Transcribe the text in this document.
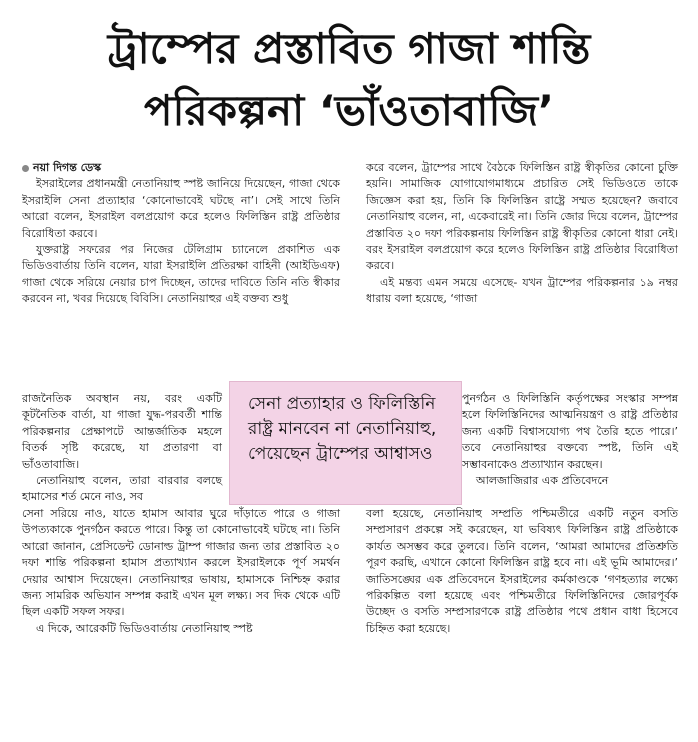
ট্রাম্পের প্রস্তাবিত গাজা শান্তি
পরিকল্পনা ‘ভাঁওতাবাজি’

নয়া দিগন্ত ডেস্ক

ইসরাইলের প্রধানমন্ত্রী নেতানিয়াহু স্পষ্ট জানিয়ে দিয়েছেন, গাজা থেকে ইসরাইলি সেনা প্রত্যাহার ‘কোনোভাবেই ঘটছে না’। সেই সাথে তিনি আরো বলেন, ইসরাইল বলপ্রয়োগ করে হলেও ফিলিস্তিন রাষ্ট্র প্রতিষ্ঠার বিরোধিতা করবে।

যুক্তরাষ্ট্র সফরের পর নিজের টেলিগ্রাম চ্যানেলে প্রকাশিত এক ভিডিওবার্তায় তিনি বলেন, যারা ইসরাইলি প্রতিরক্ষা বাহিনী (আইডিএফ) গাজা থেকে সরিয়ে নেয়ার চাপ দিচ্ছেন, তাদের দাবিতে তিনি নতি স্বীকার করবেন না, খবর দিয়েছে বিবিসি। নেতানিয়াহুর এই বক্তব্য শুধু

রাজনৈতিক অবস্থান নয়, বরং একটি কূটনৈতিক বার্তা, যা গাজা যুদ্ধ-পরবর্তী শান্তি পরিকল্পনার প্রেক্ষাপটে আন্তর্জাতিক মহলে বিতর্ক সৃষ্টি করেছে, যা প্রতারণা বা ভাঁওতাবাজি।

নেতানিয়াহু বলেন, তারা বারবার বলছে হামাসের শর্ত মেনে নাও, সব

সেনা সরিয়ে নাও, যাতে হামাস আবার ঘুরে দাঁড়াতে পারে ও গাজা উপত্যকাকে পুনর্গঠন করতে পারে। কিন্তু তা কোনোভাবেই ঘটছে না। তিনি আরো জানান, প্রেসিডেন্ট ডোনাল্ড ট্রাম্প গাজার জন্য তার প্রস্তাবিত ২০ দফা শান্তি পরিকল্পনা হামাস প্রত্যাখ্যান করলে ইসরাইলকে পূর্ণ সমর্থন দেয়ার আশ্বাস দিয়েছেন। নেতানিয়াহুর ভাষায়, হামাসকে নিশ্চিহ্ন করার জন্য সামরিক অভিযান সম্পন্ন করাই এখন মূল লক্ষ্য। সব দিক থেকে এটি ছিল একটি সফল সফর।

এ দিকে, আরেকটি ভিডিওবার্তায় নেতানিয়াহু স্পষ্ট

করে বলেন, ট্রাম্পের সাথে বৈঠকে ফিলিস্তিন রাষ্ট্র স্বীকৃতির কোনো চুক্তি হয়নি। সামাজিক যোগাযোগমাধ্যমে প্রচারিত সেই ভিডিওতে তাকে জিজ্ঞেস করা হয়, তিনি কি ফিলিস্তিন রাষ্ট্রে সম্মত হয়েছেন? জবাবে নেতানিয়াহু বলেন, না, একেবারেই না। তিনি জোর দিয়ে বলেন, ট্রাম্পের প্রস্তাবিত ২০ দফা পরিকল্পনায় ফিলিস্তিন রাষ্ট্র স্বীকৃতির কোনো ধারা নেই। বরং ইসরাইল বলপ্রয়োগ করে হলেও ফিলিস্তিন রাষ্ট্র প্রতিষ্ঠার বিরোধিতা করবে।

এই মন্তব্য এমন সময়ে এসেছে- যখন ট্রাম্পের পরিকল্পনার ১৯ নম্বর ধারায় বলা হয়েছে, ‘গাজা

পুনর্গঠন ও ফিলিস্তিনি কর্তৃপক্ষের সংস্কার সম্পন্ন হলে ফিলিস্তিনিদের আত্মনিয়ন্ত্রণ ও রাষ্ট্র প্রতিষ্ঠার জন্য একটি বিশ্বাসযোগ্য পথ তৈরি হতে পারে।’ তবে নেতানিয়াহুর বক্তব্যে স্পষ্ট, তিনি এই সম্ভাবনাকেও প্রত্যাখ্যান করছেন।

আলজাজিরার এক প্রতিবেদনে

বলা হয়েছে, নেতানিয়াহু সম্প্রতি পশ্চিমতীরে একটি নতুন বসতি সম্প্রসারণ প্রকল্পে সই করেছেন, যা ভবিষ্যৎ ফিলিস্তিন রাষ্ট্র প্রতিষ্ঠাকে কার্যত অসম্ভব করে তুলবে। তিনি বলেন, ‘আমরা আমাদের প্রতিশ্রুতি পূরণ করছি, এখানে কোনো ফিলিস্তিন রাষ্ট্র হবে না। এই ভূমি আমাদের।’ জাতিসঙ্ঘের এক প্রতিবেদনে ইসরাইলের কর্মকাণ্ডকে ‘গণহত্যার লক্ষ্যে পরিকল্পিত বলা হয়েছে এবং পশ্চিমতীরে ফিলিস্তিনিদের জোরপূর্বক উচ্ছেদ ও বসতি সম্প্রসারণকে রাষ্ট্র প্রতিষ্ঠার পথে প্রধান বাধা হিসেবে চিহ্নিত করা হয়েছে।

সেনা প্রত্যাহার ও ফিলিস্তিনি রাষ্ট্র মানবেন না নেতানিয়াহু, পেয়েছেন ট্রাম্পের আশ্বাসও
